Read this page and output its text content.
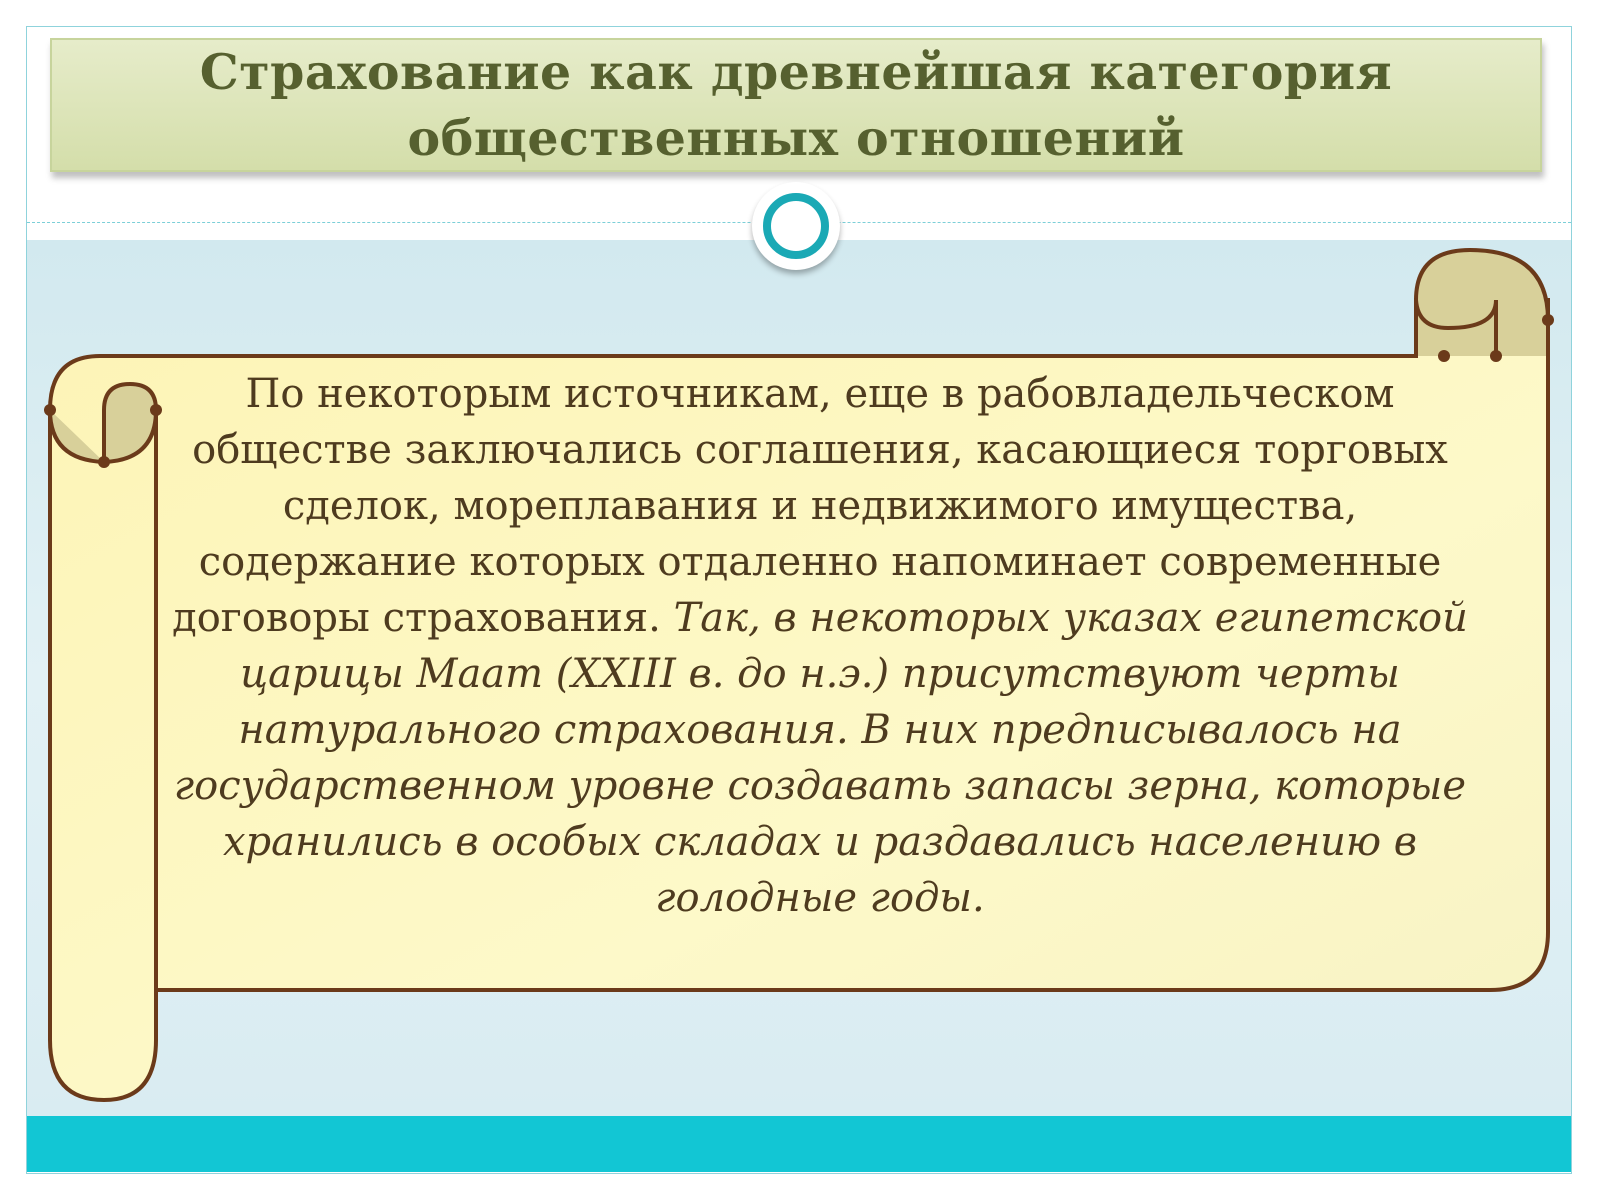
Страхование как древнейшая категория
общественных отношений
По некоторым источникам, еще в рабовладельческом обществе заключались соглашения, касающиеся торговых сделок, мореплавания и недвижимого имущества, содержание которых отдаленно напоминает современные договоры страхования. Так, в некоторых указах египетской царицы Маат (XXIII в. до н.э.) присутствуют черты натурального страхования. В них предписывалось на государственном уровне создавать запасы зерна, которые хранились в особых складах и раздавались населению в голодные годы.
